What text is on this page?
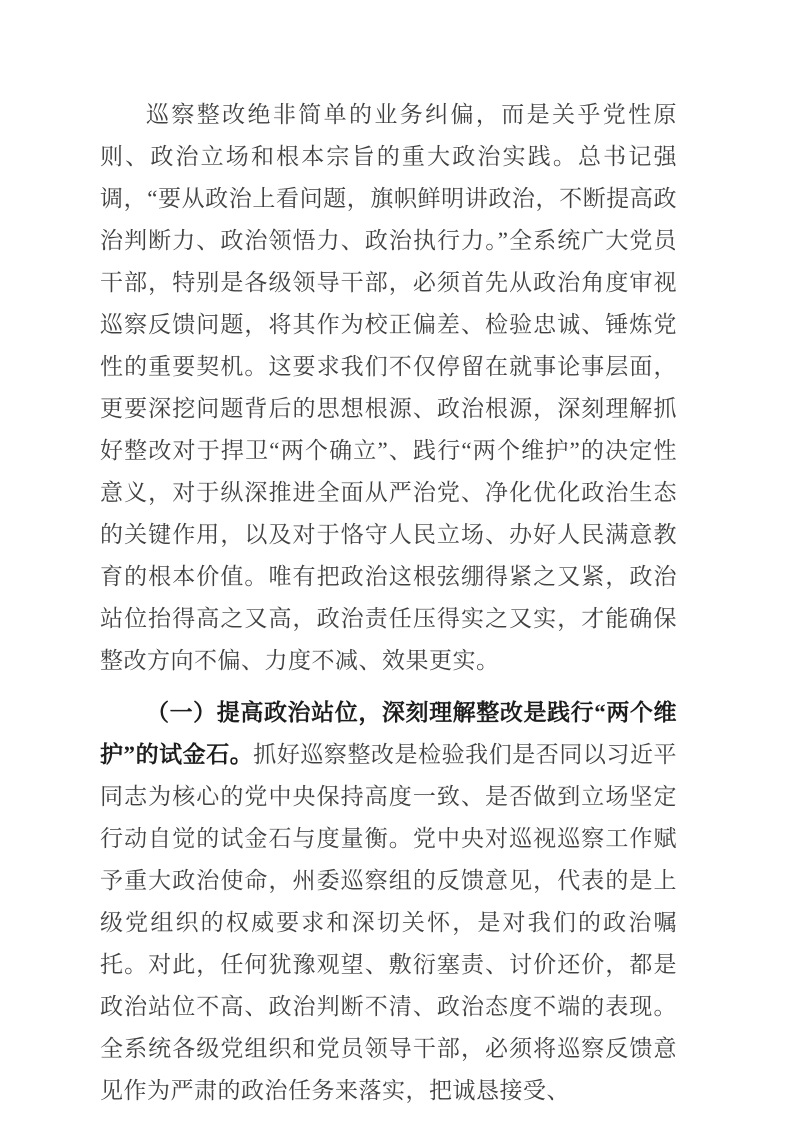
巡察整改绝非简单的业务纠偏，而是关乎党性原则、政治立场和根本宗旨的重大政治实践。总书记强调，“要从政治上看问题，旗帜鲜明讲政治，不断提高政治判断力、政治领悟力、政治执行力。”全系统广大党员干部，特别是各级领导干部，必须首先从政治角度审视巡察反馈问题，将其作为校正偏差、检验忠诚、锤炼党性的重要契机。这要求我们不仅停留在就事论事层面，更要深挖问题背后的思想根源、政治根源，深刻理解抓好整改对于捍卫“两个确立”、践行“两个维护”的决定性意义，对于纵深推进全面从严治党、净化优化政治生态的关键作用，以及对于恪守人民立场、办好人民满意教育的根本价值。唯有把政治这根弦绷得紧之又紧，政治站位抬得高之又高，政治责任压得实之又实，才能确保整改方向不偏、力度不减、效果更实。

（一）提高政治站位，深刻理解整改是践行“两个维护”的试金石。抓好巡察整改是检验我们是否同以习近平同志为核心的党中央保持高度一致、是否做到立场坚定行动自觉的试金石与度量衡。党中央对巡视巡察工作赋予重大政治使命，州委巡察组的反馈意见，代表的是上级党组织的权威要求和深切关怀，是对我们的政治嘱托。对此，任何犹豫观望、敷衍塞责、讨价还价，都是政治站位不高、政治判断不清、政治态度不端的表现。全系统各级党组织和党员领导干部，必须将巡察反馈意见作为严肃的政治任务来落实，把诚恳接受、
